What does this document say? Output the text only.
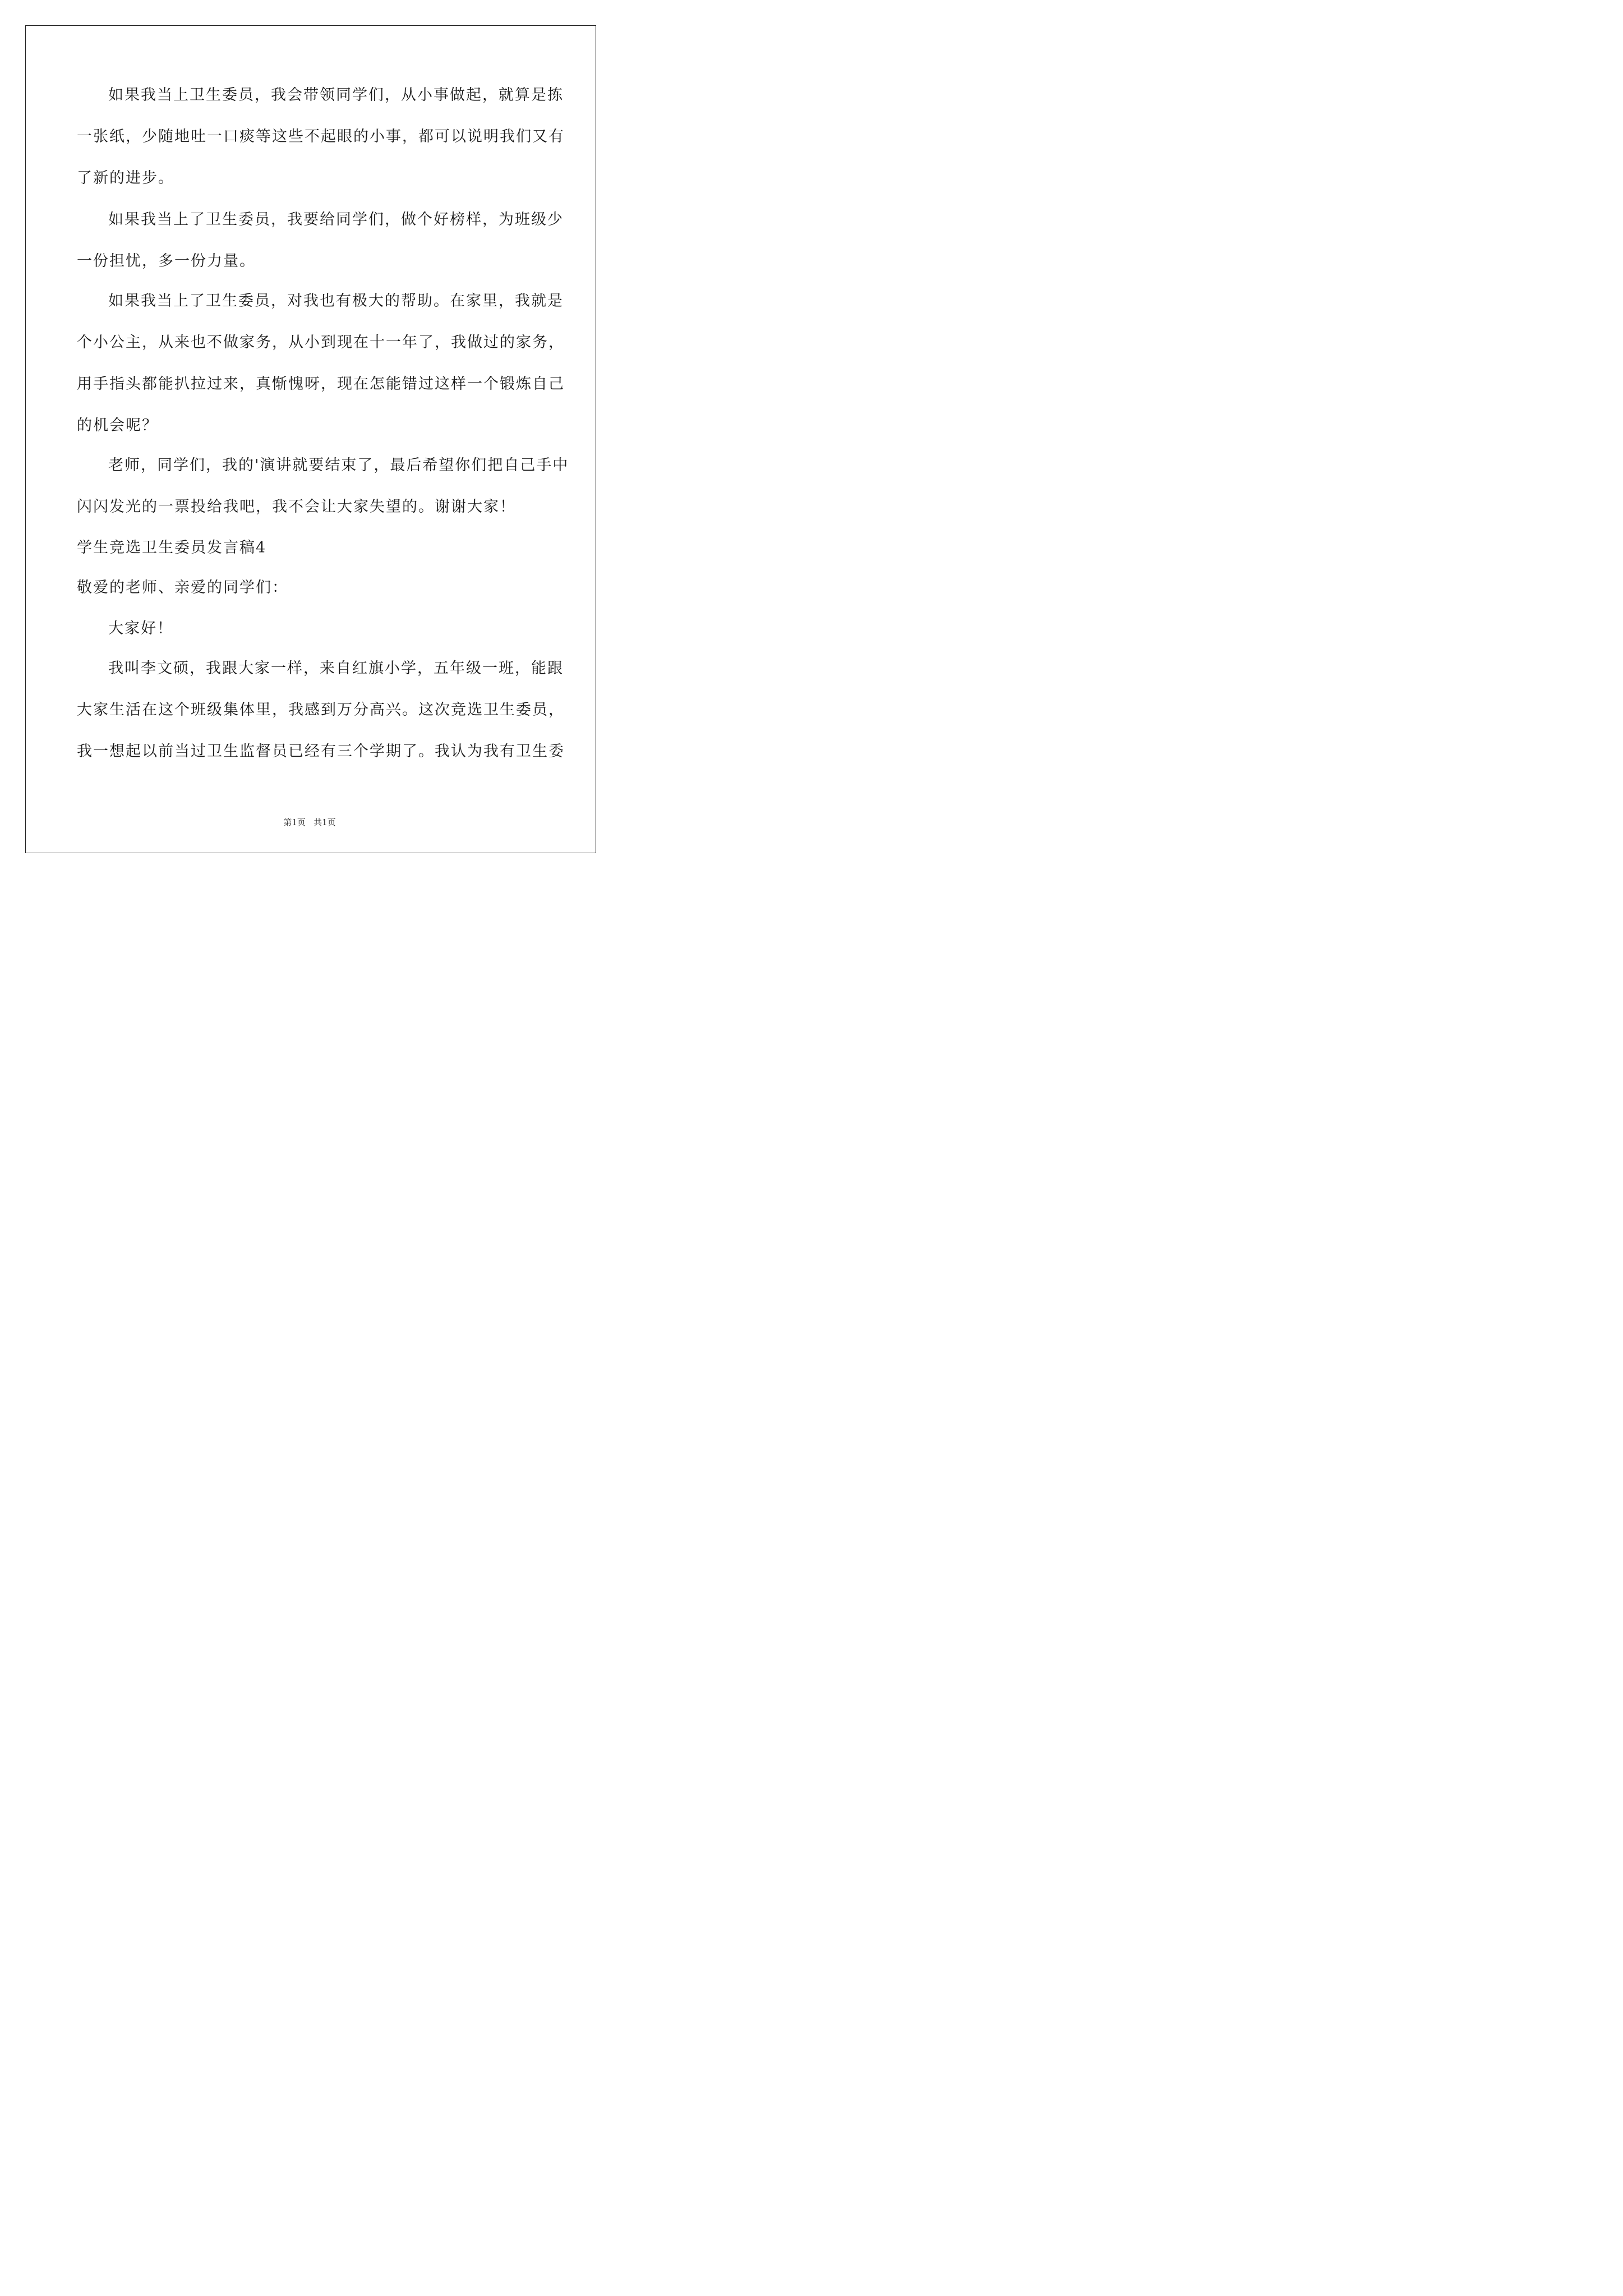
如果我当上卫生委员，我会带领同学们，从小事做起，就算是拣
一张纸，少随地吐一口痰等这些不起眼的小事，都可以说明我们又有
了新的进步。
如果我当上了卫生委员，我要给同学们，做个好榜样，为班级少
一份担忧，多一份力量。
如果我当上了卫生委员，对我也有极大的帮助。在家里，我就是
个小公主，从来也不做家务，从小到现在十一年了，我做过的家务，
用手指头都能扒拉过来，真惭愧呀，现在怎能错过这样一个锻炼自己
的机会呢？
老师，同学们，我的'演讲就要结束了，最后希望你们把自己手中
闪闪发光的一票投给我吧，我不会让大家失望的。谢谢大家！
学生竞选卫生委员发言稿4
敬爱的老师、亲爱的同学们：
大家好！
我叫李文硕，我跟大家一样，来自红旗小学，五年级一班，能跟
大家生活在这个班级集体里，我感到万分高兴。这次竞选卫生委员，
我一想起以前当过卫生监督员已经有三个学期了。我认为我有卫生委
第1页   共1页
